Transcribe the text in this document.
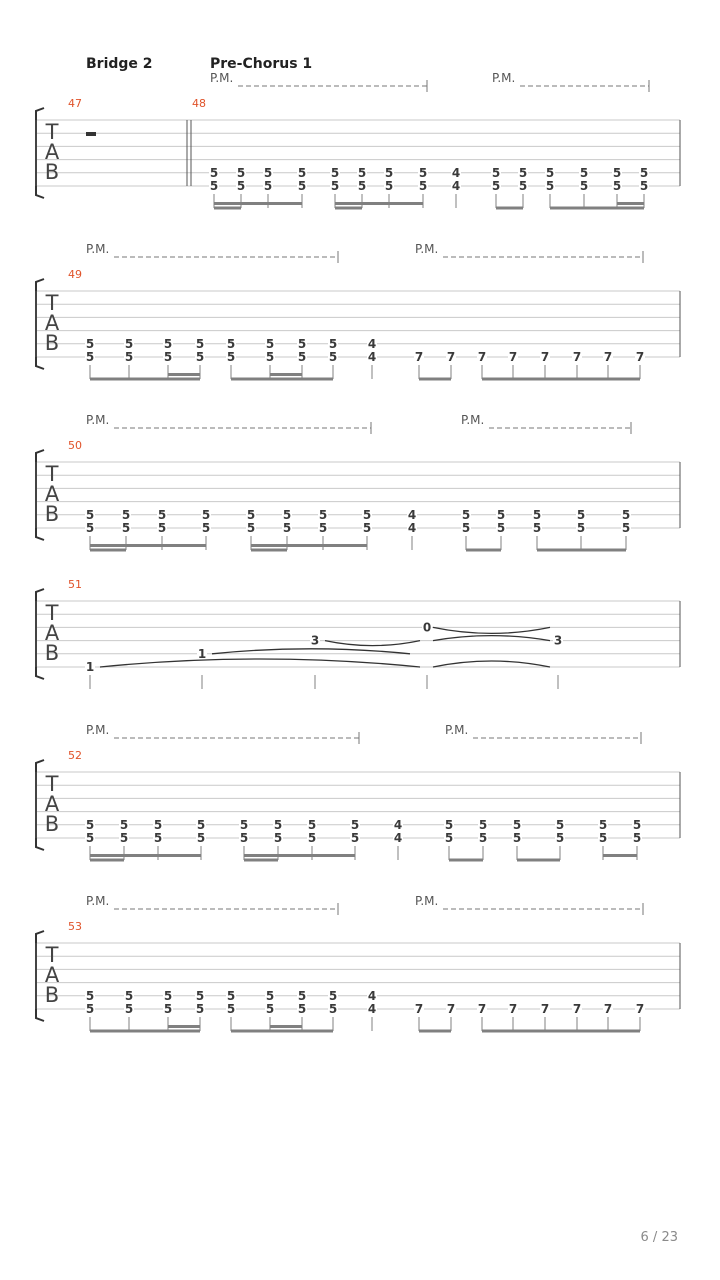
Bridge 2	Pre-Chorus 1
T
A
B
47	48
P.M.	P.M.
5
5
5
5
5
5
5
5
5
5
5
5
5
5
5
5
4
4
5
5
5
5
5
5
5
5
5
5
5
5
T
A
B
49
P.M.	P.M.
5
5
5
5
5
5
5
5
5
5
5
5
5
5
5
5
4
4	7 7 7 7 7 7 7 7
T
A
B
50
P.M.	P.M.
5
5
5
5
5
5
5
5
5
5
5
5
5
5
5
5
4
4
5
5
5
5
5
5
5
5
5
5
T
A
B
51
1
1
3
0
3
T
A
B
52
P.M.	P.M.
5
5
5
5
5
5
5
5
5
5
5
5
5
5
5
5
4
4
5
5
5
5
5
5
5
5
5
5
5
5
T
A
B
53
P.M.	P.M.
5
5
5
5
5
5
5
5
5
5
5
5
5
5
5
5
4
4	7 7 7 7 7 7 7 7
6 / 23
